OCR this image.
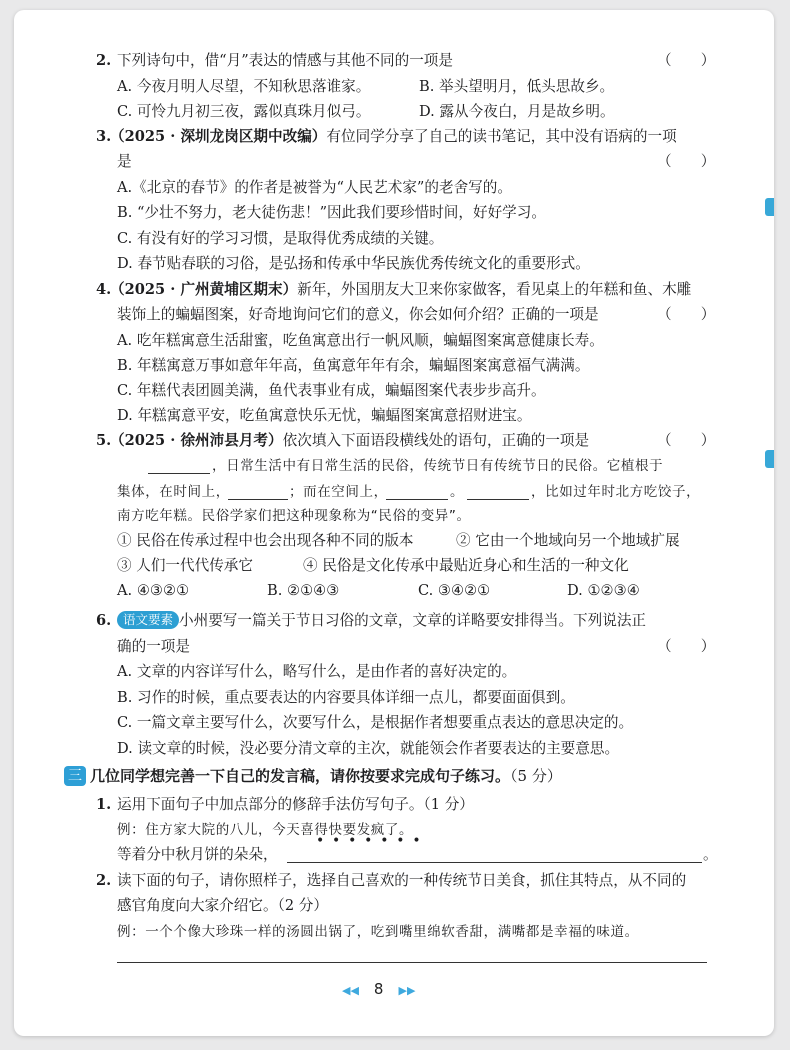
2. 下列诗句中，借“月”表达的情感与其他不同的一项是	（　　）
A. 今夜月明人尽望，不知秋思落谁家。	B. 举头望明月，低头思故乡。
C. 可怜九月初三夜，露似真珠月似弓。	D. 露从今夜白，月是故乡明。
3.
（2025 · 深圳龙岗区期中改编）有位同学分享了自己的读书笔记，其中没有语病的一项
是	（　　）
A.《北京的春节》的作者是被誉为“人民艺术家”的老舍写的。
B. “少壮不努力，老大徒伤悲！”因此我们要珍惜时间，好好学习。
C. 有没有好的学习习惯，是取得优秀成绩的关键。
D. 春节贴春联的习俗，是弘扬和传承中华民族优秀传统文化的重要形式。
4.
（2025 · 广州黄埔区期末）新年，外国朋友大卫来你家做客，看见桌上的年糕和鱼、木雕
装饰上的蝙蝠图案，好奇地询问它们的意义，你会如何介绍？正确的一项是	（　　）
A. 吃年糕寓意生活甜蜜，吃鱼寓意出行一帆风顺，蝙蝠图案寓意健康长寿。
B. 年糕寓意万事如意年年高，鱼寓意年年有余，蝙蝠图案寓意福气满满。
C. 年糕代表团圆美满，鱼代表事业有成，蝙蝠图案代表步步高升。
D. 年糕寓意平安，吃鱼寓意快乐无忧，蝙蝠图案寓意招财进宝。
5.
（2025 · 徐州沛县月考）依次填入下面语段横线处的语句，正确的一项是	（　　）
，日常生活中有日常生活的民俗，传统节日有传统节日的民俗。它植根于
集体，在时间上，	；而在空间上，	。	，比如过年时北方吃饺子，
南方吃年糕。民俗学家们把这种现象称为“民俗的变异”。
① 民俗在传承过程中也会出现各种不同的版本	② 它由一个地域向另一个地域扩展
③ 人们一代代传承它	④ 民俗是文化传承中最贴近身心和生活的一种文化
A. ④③②①	B. ②①④③	C. ③④②①	D. ①②③④
6. 语文要素 小州要写一篇关于节日习俗的文章，文章的详略要安排得当。下列说法正
确的一项是	（　　）
A. 文章的内容详写什么，略写什么，是由作者的喜好决定的。
B. 习作的时候，重点要表达的内容要具体详细一点儿，都要面面俱到。
C. 一篇文章主要写什么，次要写什么，是根据作者想要重点表达的意思决定的。
D. 读文章的时候，没必要分清文章的主次，就能领会作者要表达的主要意思。
三 几位同学想完善一下自己的发言稿，请你按要求完成句子练习。（5 分）
1. 运用下面句子中加点部分的修辞手法仿写句子。（1 分）
例：住方家大院的八儿，今天喜得快要发疯了。
•••••••
等着分中秋月饼的朵朵，	。
2. 读下面的句子，请你照样子，选择自己喜欢的一种传统节日美食，抓住其特点，从不同的
感官角度向大家介绍它。（2 分）
例：一个个像大珍珠一样的汤圆出锅了，吃到嘴里绵软香甜，满嘴都是幸福的味道。
◀◀ 8 ▶▶
